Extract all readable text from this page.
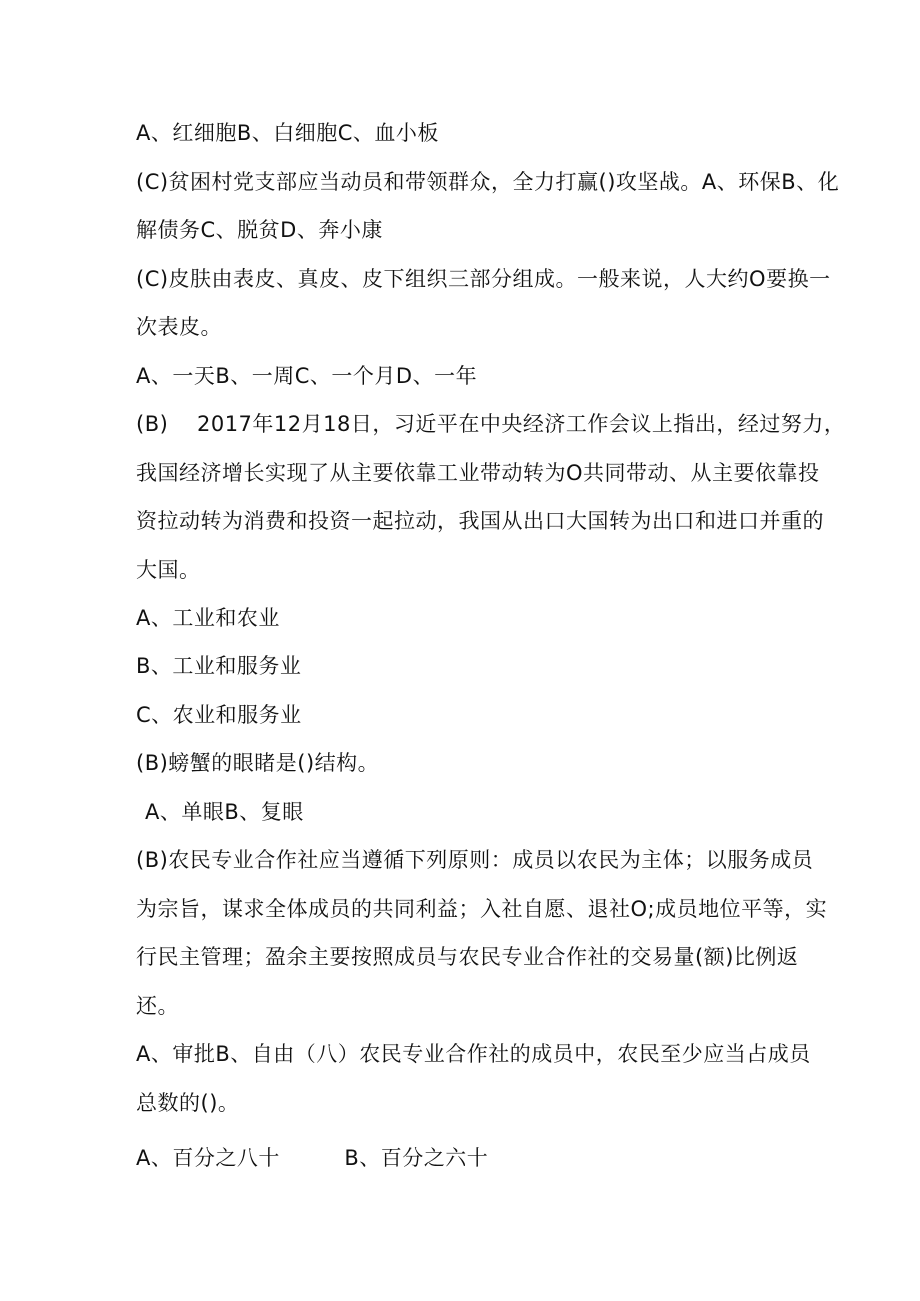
A、红细胞B、白细胞C、血小板

(C)贫困村党支部应当动员和带领群众，全力打赢()攻坚战。A、环保B、化

解债务C、脱贫D、奔小康

(C)皮肤由表皮、真皮、皮下组织三部分组成。一般来说，人大约O要换一

次表皮。

A、一天B、一周C、一个月D、一年

(B)　 2017年12月18日，习近平在中央经济工作会议上指出，经过努力，

我国经济增长实现了从主要依靠工业带动转为O共同带动、从主要依靠投

资拉动转为消费和投资一起拉动，我国从出口大国转为出口和进口并重的

大国。

A、工业和农业

B、工业和服务业

C、农业和服务业

(B)螃蟹的眼睹是()结构。

A、单眼B、复眼

(B)农民专业合作社应当遵循下列原则：成员以农民为主体；以服务成员

为宗旨，谋求全体成员的共同利益；入社自愿、退社O;成员地位平等，实

行民主管理；盈余主要按照成员与农民专业合作社的交易量(额)比例返

还。

A、审批B、自由（八）农民专业合作社的成员中，农民至少应当占成员

总数的()。

A、百分之八十　　　B、百分之六十
